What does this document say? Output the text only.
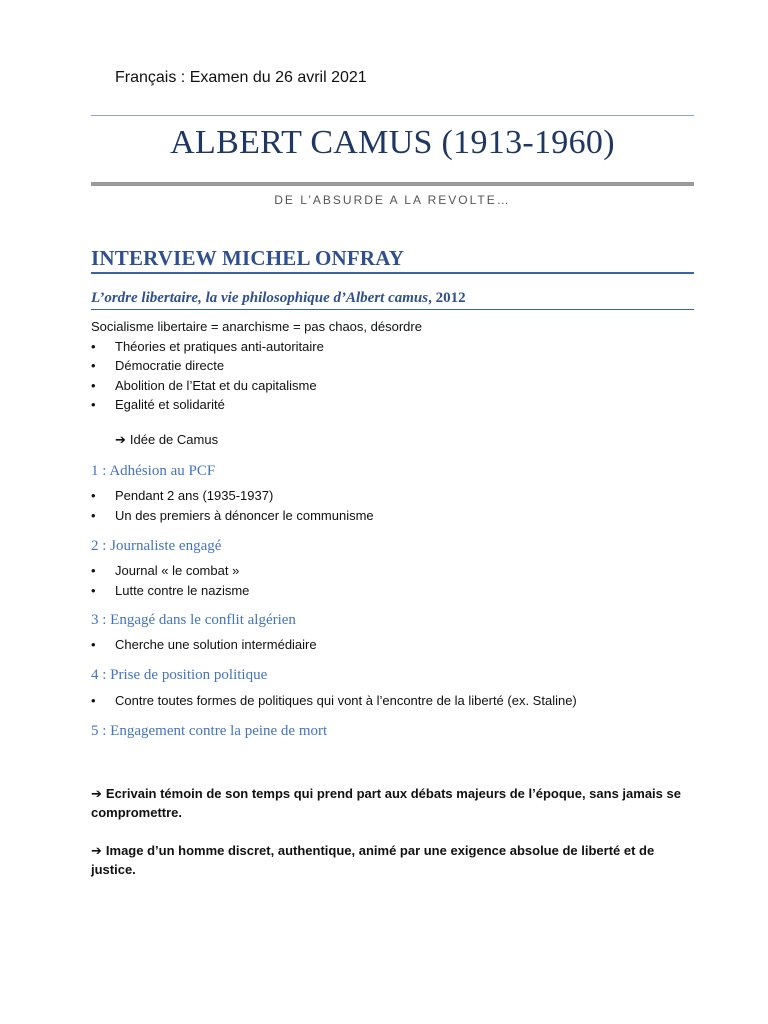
Français : Examen du 26 avril 2021
ALBERT CAMUS (1913-1960)

DE L’ABSURDE A LA REVOLTE…

INTERVIEW MICHEL ONFRAY

L’ordre libertaire, la vie philosophique d’Albert camus, 2012

Socialisme libertaire = anarchisme = pas chaos, désordre

• Théories et pratiques anti-autoritaire
• Démocratie directe
• Abolition de l’Etat et du capitalisme
• Egalité et solidarité
➔ Idée de Camus
1 : Adhésion au PCF
• Pendant 2 ans (1935-1937)
• Un des premiers à dénoncer le communisme
2 : Journaliste engagé
• Journal « le combat »
• Lutte contre le nazisme
3 : Engagé dans le conflit algérien
• Cherche une solution intermédiaire
4 : Prise de position politique
• Contre toutes formes de politiques qui vont à l’encontre de la liberté (ex. Staline)
5 : Engagement contre la peine de mort

➔ Ecrivain témoin de son temps qui prend part aux débats majeurs de l’époque, sans jamais se compromettre.

➔ Image d’un homme discret, authentique, animé par une exigence absolue de liberté et de justice.
